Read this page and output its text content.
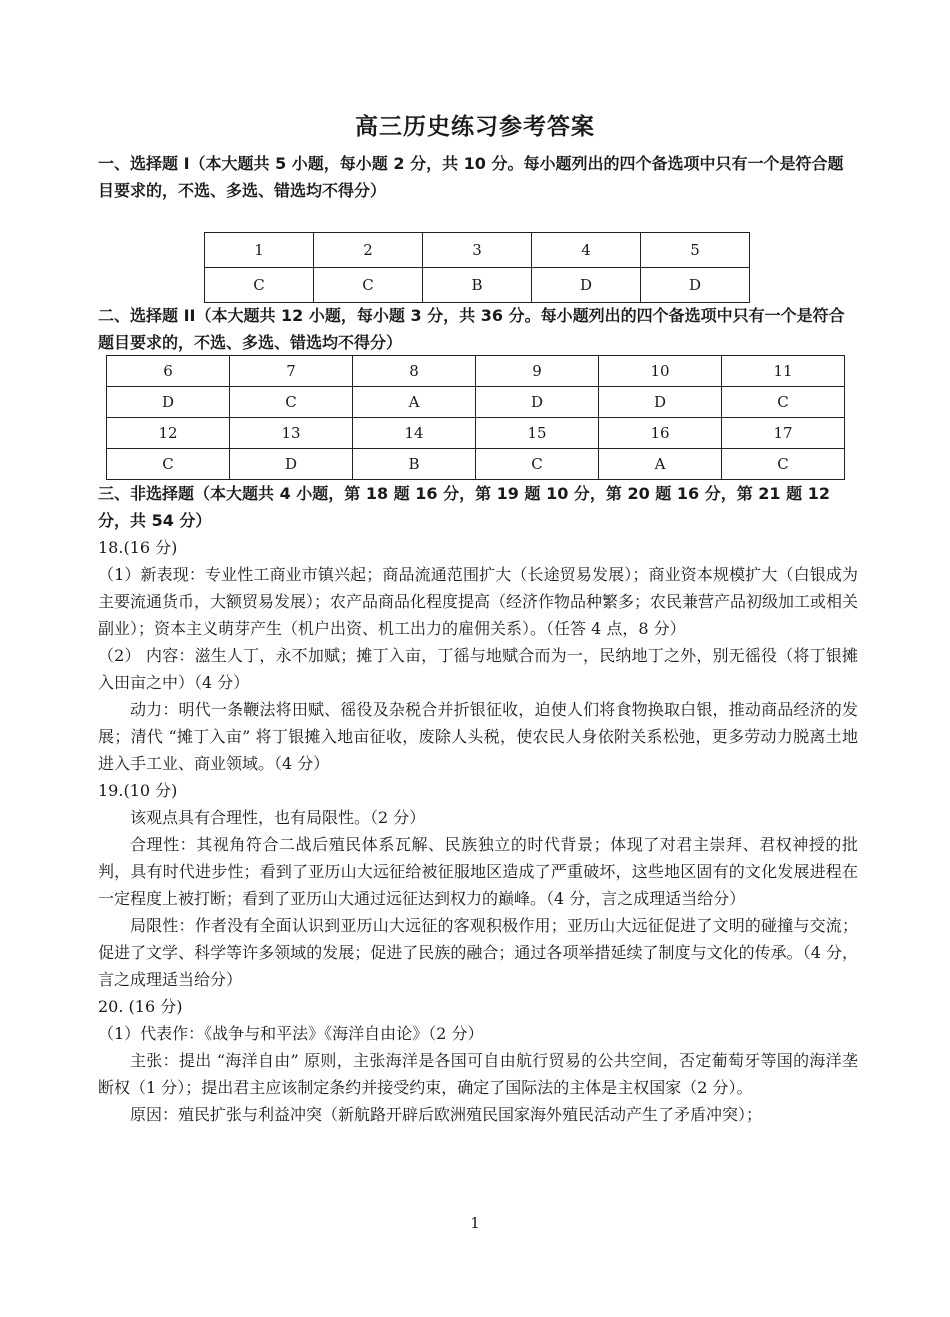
高三历史练习参考答案
一、选择题 I（本大题共 5 小题，每小题 2 分，共 10 分。每小题列出的四个备选项中只有一个是符合题目要求的，不选、多选、错选均不得分）
1	2	3	4	5
C	C	B	D	D
二、选择题 II（本大题共 12 小题，每小题 3 分，共 36 分。每小题列出的四个备选项中只有一个是符合题目要求的，不选、多选、错选均不得分）
6	7	8	9	10	11
D	C	A	D	D	C
12	13	14	15	16	17
C	D	B	C	A	C
三、非选择题（本大题共 4 小题，第 18 题 16 分，第 19 题 10 分，第 20 题 16 分，第 21 题 12 分，共 54 分）

18.(16 分)

（1）新表现：专业性工商业市镇兴起；商品流通范围扩大（长途贸易发展）；商业资本规模扩大（白银成为主要流通货币，大额贸易发展）；农产品商品化程度提高（经济作物品种繁多；农民兼营产品初级加工或相关副业）；资本主义萌芽产生（机户出资、机工出力的雇佣关系）。（任答 4 点，8 分）

（2） 内容：滋生人丁，永不加赋；摊丁入亩，丁徭与地赋合而为一，民纳地丁之外，别无徭役（将丁银摊入田亩之中）（4 分）

动力：明代一条鞭法将田赋、徭役及杂税合并折银征收，迫使人们将食物换取白银，推动商品经济的发展；清代 “摊丁入亩” 将丁银摊入地亩征收，废除人头税，使农民人身依附关系松弛，更多劳动力脱离土地进入手工业、商业领域。（4 分）

19.(10 分)

该观点具有合理性，也有局限性。（2 分）

合理性：其视角符合二战后殖民体系瓦解、民族独立的时代背景；体现了对君主崇拜、君权神授的批判，具有时代进步性；看到了亚历山大远征给被征服地区造成了严重破坏，这些地区固有的文化发展进程在一定程度上被打断；看到了亚历山大通过远征达到权力的巅峰。（4 分，言之成理适当给分）

局限性：作者没有全面认识到亚历山大远征的客观积极作用；亚历山大远征促进了文明的碰撞与交流；促进了文学、科学等许多领域的发展；促进了民族的融合；通过各项举措延续了制度与文化的传承。（4 分，言之成理适当给分）

20. (16 分)

（1）代表作：《战争与和平法》《海洋自由论》（2 分）

主张：提出 “海洋自由” 原则，主张海洋是各国可自由航行贸易的公共空间，否定葡萄牙等国的海洋垄断权（1 分）；提出君主应该制定条约并接受约束，确定了国际法的主体是主权国家（2 分）。

原因：殖民扩张与利益冲突（新航路开辟后欧洲殖民国家海外殖民活动产生了矛盾冲突）；

1
